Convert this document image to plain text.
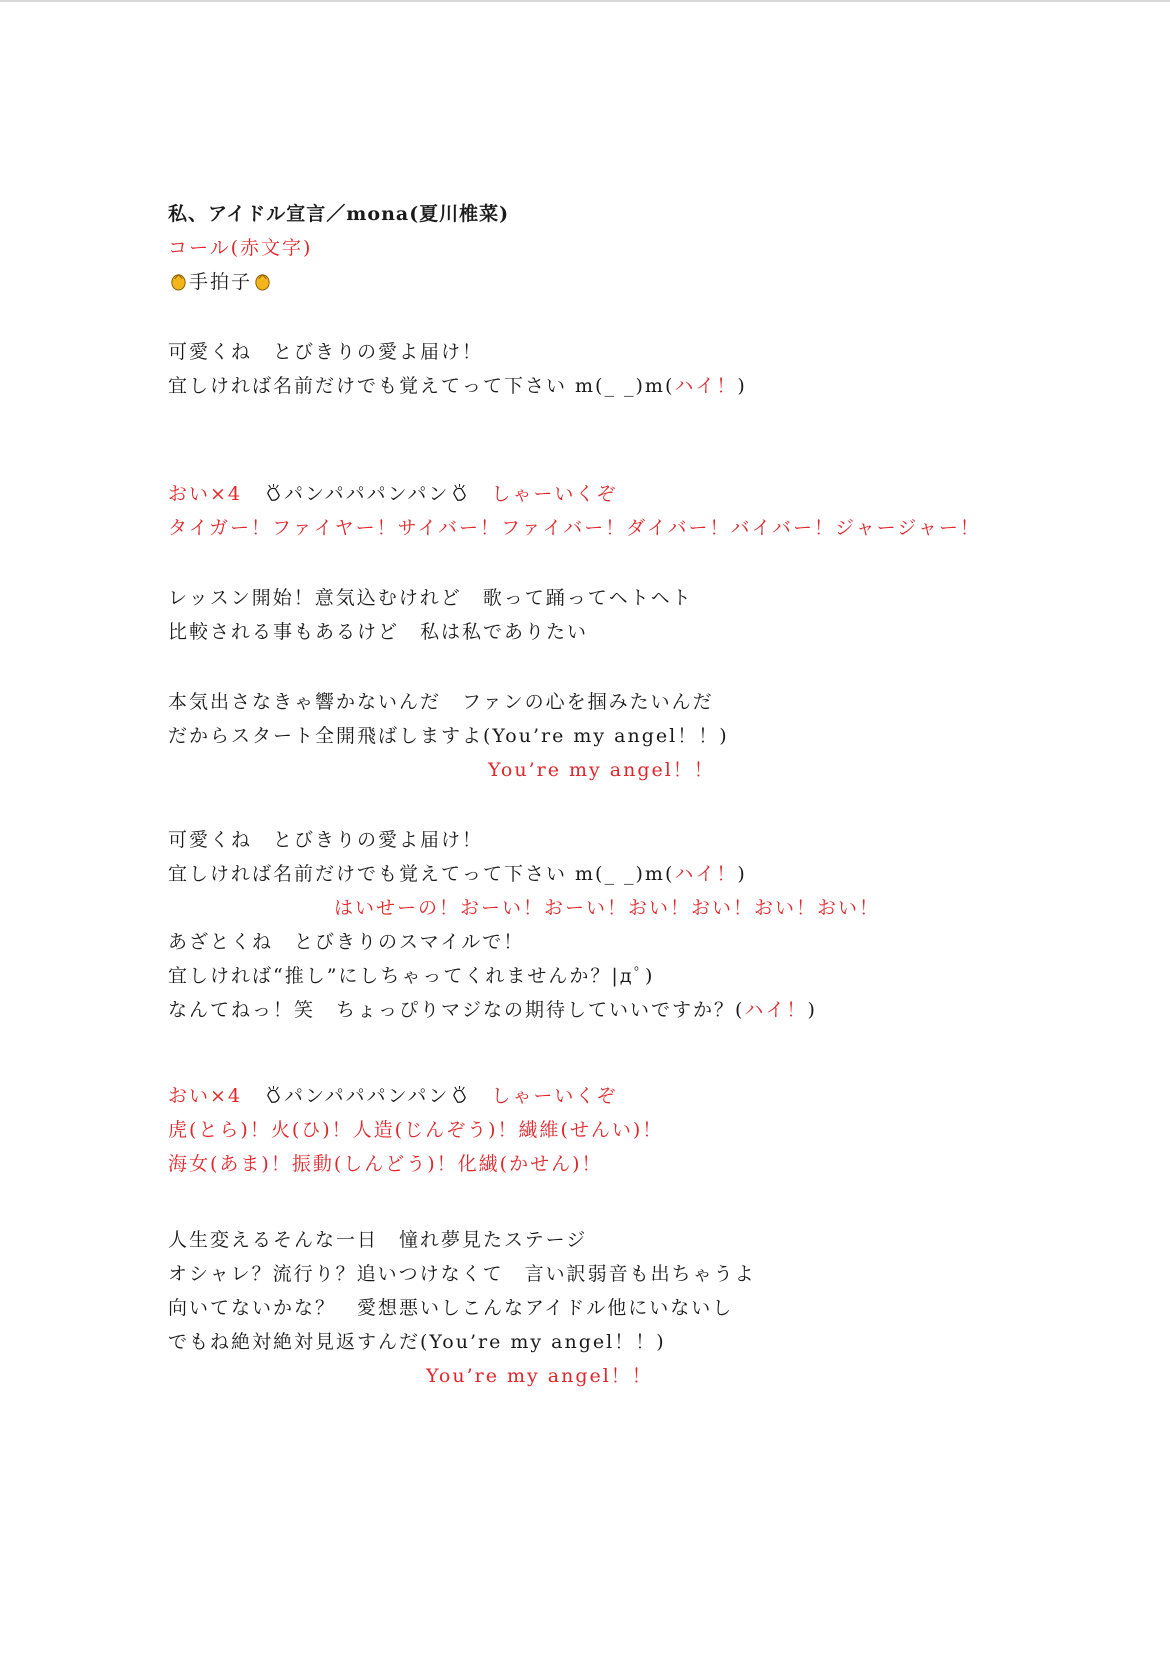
私、アイドル宣言／mona(夏川椎菜)
コール(赤文字)
手拍子
可愛くね　とびきりの愛よ届け！
宜しければ名前だけでも覚えてって下さい m(_ _)m(ハイ！)
おい×4　パンパパパンパン　しゃーいくぞ
タイガー！ファイヤー！サイバー！ファイバー！ダイバー！バイバー！ジャージャー！
レッスン開始！意気込むけれど　歌って踊ってヘトヘト
比較される事もあるけど　私は私でありたい
本気出さなきゃ響かないんだ　ファンの心を掴みたいんだ
だからスタート全開飛ばしますよ(You’re my angel！！)
You’re my angel！！
可愛くね　とびきりの愛よ届け！
宜しければ名前だけでも覚えてって下さい m(_ _)m(ハイ！)
はいせーの！おーい！おーい！おい！おい！おい！おい！
あざとくね　とびきりのスマイルで！
宜しければ“推し”にしちゃってくれませんか？|дﾟ)
なんてねっ！笑　ちょっぴりマジなの期待していいですか？(ハイ！)
おい×4　パンパパパンパン　しゃーいくぞ
虎(とら)！火(ひ)！人造(じんぞう)！繊維(せんい)！
海女(あま)！振動(しんどう)！化繊(かせん)！
人生変えるそんな一日　憧れ夢見たステージ
オシャレ？流行り？追いつけなくて　言い訳弱音も出ちゃうよ
向いてないかな？　愛想悪いしこんなアイドル他にいないし
でもね絶対絶対見返すんだ(You’re my angel！！)
You’re my angel！！
